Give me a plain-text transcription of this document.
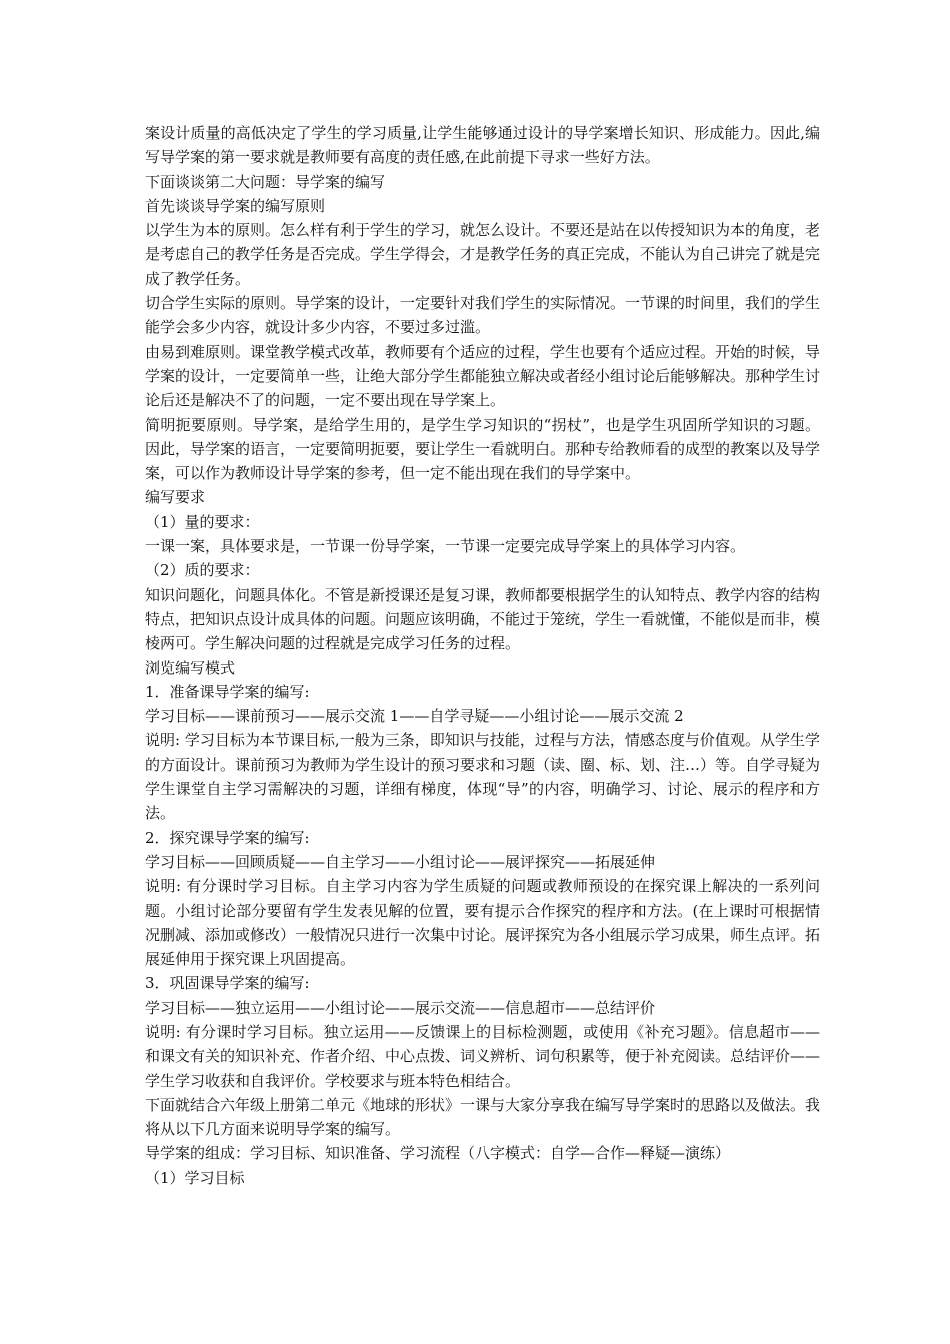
案设计质量的高低决定了学生的学习质量,让学生能够通过设计的导学案增长知识、形成能力。因此,编写导学案的第一要求就是教师要有高度的责任感,在此前提下寻求一些好方法。

下面谈谈第二大问题：导学案的编写

首先谈谈导学案的编写原则

以学生为本的原则。怎么样有利于学生的学习，就怎么设计。不要还是站在以传授知识为本的角度，老是考虑自己的教学任务是否完成。学生学得会，才是教学任务的真正完成，不能认为自己讲完了就是完成了教学任务。

切合学生实际的原则。导学案的设计，一定要针对我们学生的实际情况。一节课的时间里，我们的学生能学会多少内容，就设计多少内容，不要过多过滥。

由易到难原则。课堂教学模式改革，教师要有个适应的过程，学生也要有个适应过程。开始的时候，导学案的设计，一定要简单一些，让绝大部分学生都能独立解决或者经小组讨论后能够解决。那种学生讨论后还是解决不了的问题，一定不要出现在导学案上。

简明扼要原则。导学案，是给学生用的，是学生学习知识的“拐杖”，也是学生巩固所学知识的习题。因此，导学案的语言，一定要简明扼要，要让学生一看就明白。那种专给教师看的成型的教案以及导学案，可以作为教师设计导学案的参考，但一定不能出现在我们的导学案中。

编写要求

（1）量的要求：

一课一案，具体要求是，一节课一份导学案，一节课一定要完成导学案上的具体学习内容。

（2）质的要求：

知识问题化，问题具体化。不管是新授课还是复习课，教师都要根据学生的认知特点、教学内容的结构特点，把知识点设计成具体的问题。问题应该明确，不能过于笼统，学生一看就懂，不能似是而非，模棱两可。学生解决问题的过程就是完成学习任务的过程。

浏览编写模式

1．准备课导学案的编写:

学习目标——课前预习——展示交流 1——自学寻疑——小组讨论——展示交流 2

说明: 学习目标为本节课目标,一般为三条，即知识与技能，过程与方法，情感态度与价值观。从学生学的方面设计。课前预习为教师为学生设计的预习要求和习题（读、圈、标、划、注…）等。自学寻疑为学生课堂自主学习需解决的习题，详细有梯度，体现“导”的内容，明确学习、讨论、展示的程序和方法。

2．探究课导学案的编写:

学习目标——回顾质疑——自主学习——小组讨论——展评探究——拓展延伸

说明: 有分课时学习目标。自主学习内容为学生质疑的问题或教师预设的在探究课上解决的一系列问题。小组讨论部分要留有学生发表见解的位置，要有提示合作探究的程序和方法。(在上课时可根据情况删减、添加或修改）一般情况只进行一次集中讨论。展评探究为各小组展示学习成果，师生点评。拓展延伸用于探究课上巩固提高。

3．巩固课导学案的编写:

学习目标——独立运用——小组讨论——展示交流——信息超市——总结评价

说明: 有分课时学习目标。独立运用——反馈课上的目标检测题，或使用《补充习题》。信息超市——和课文有关的知识补充、作者介绍、中心点拨、词义辨析、词句积累等，便于补充阅读。总结评价——学生学习收获和自我评价。学校要求与班本特色相结合。

下面就结合六年级上册第二单元《地球的形状》一课与大家分享我在编写导学案时的思路以及做法。我将从以下几方面来说明导学案的编写。

导学案的组成：学习目标、知识准备、学习流程（八字模式：自学—合作—释疑—演练）

（1）学习目标
